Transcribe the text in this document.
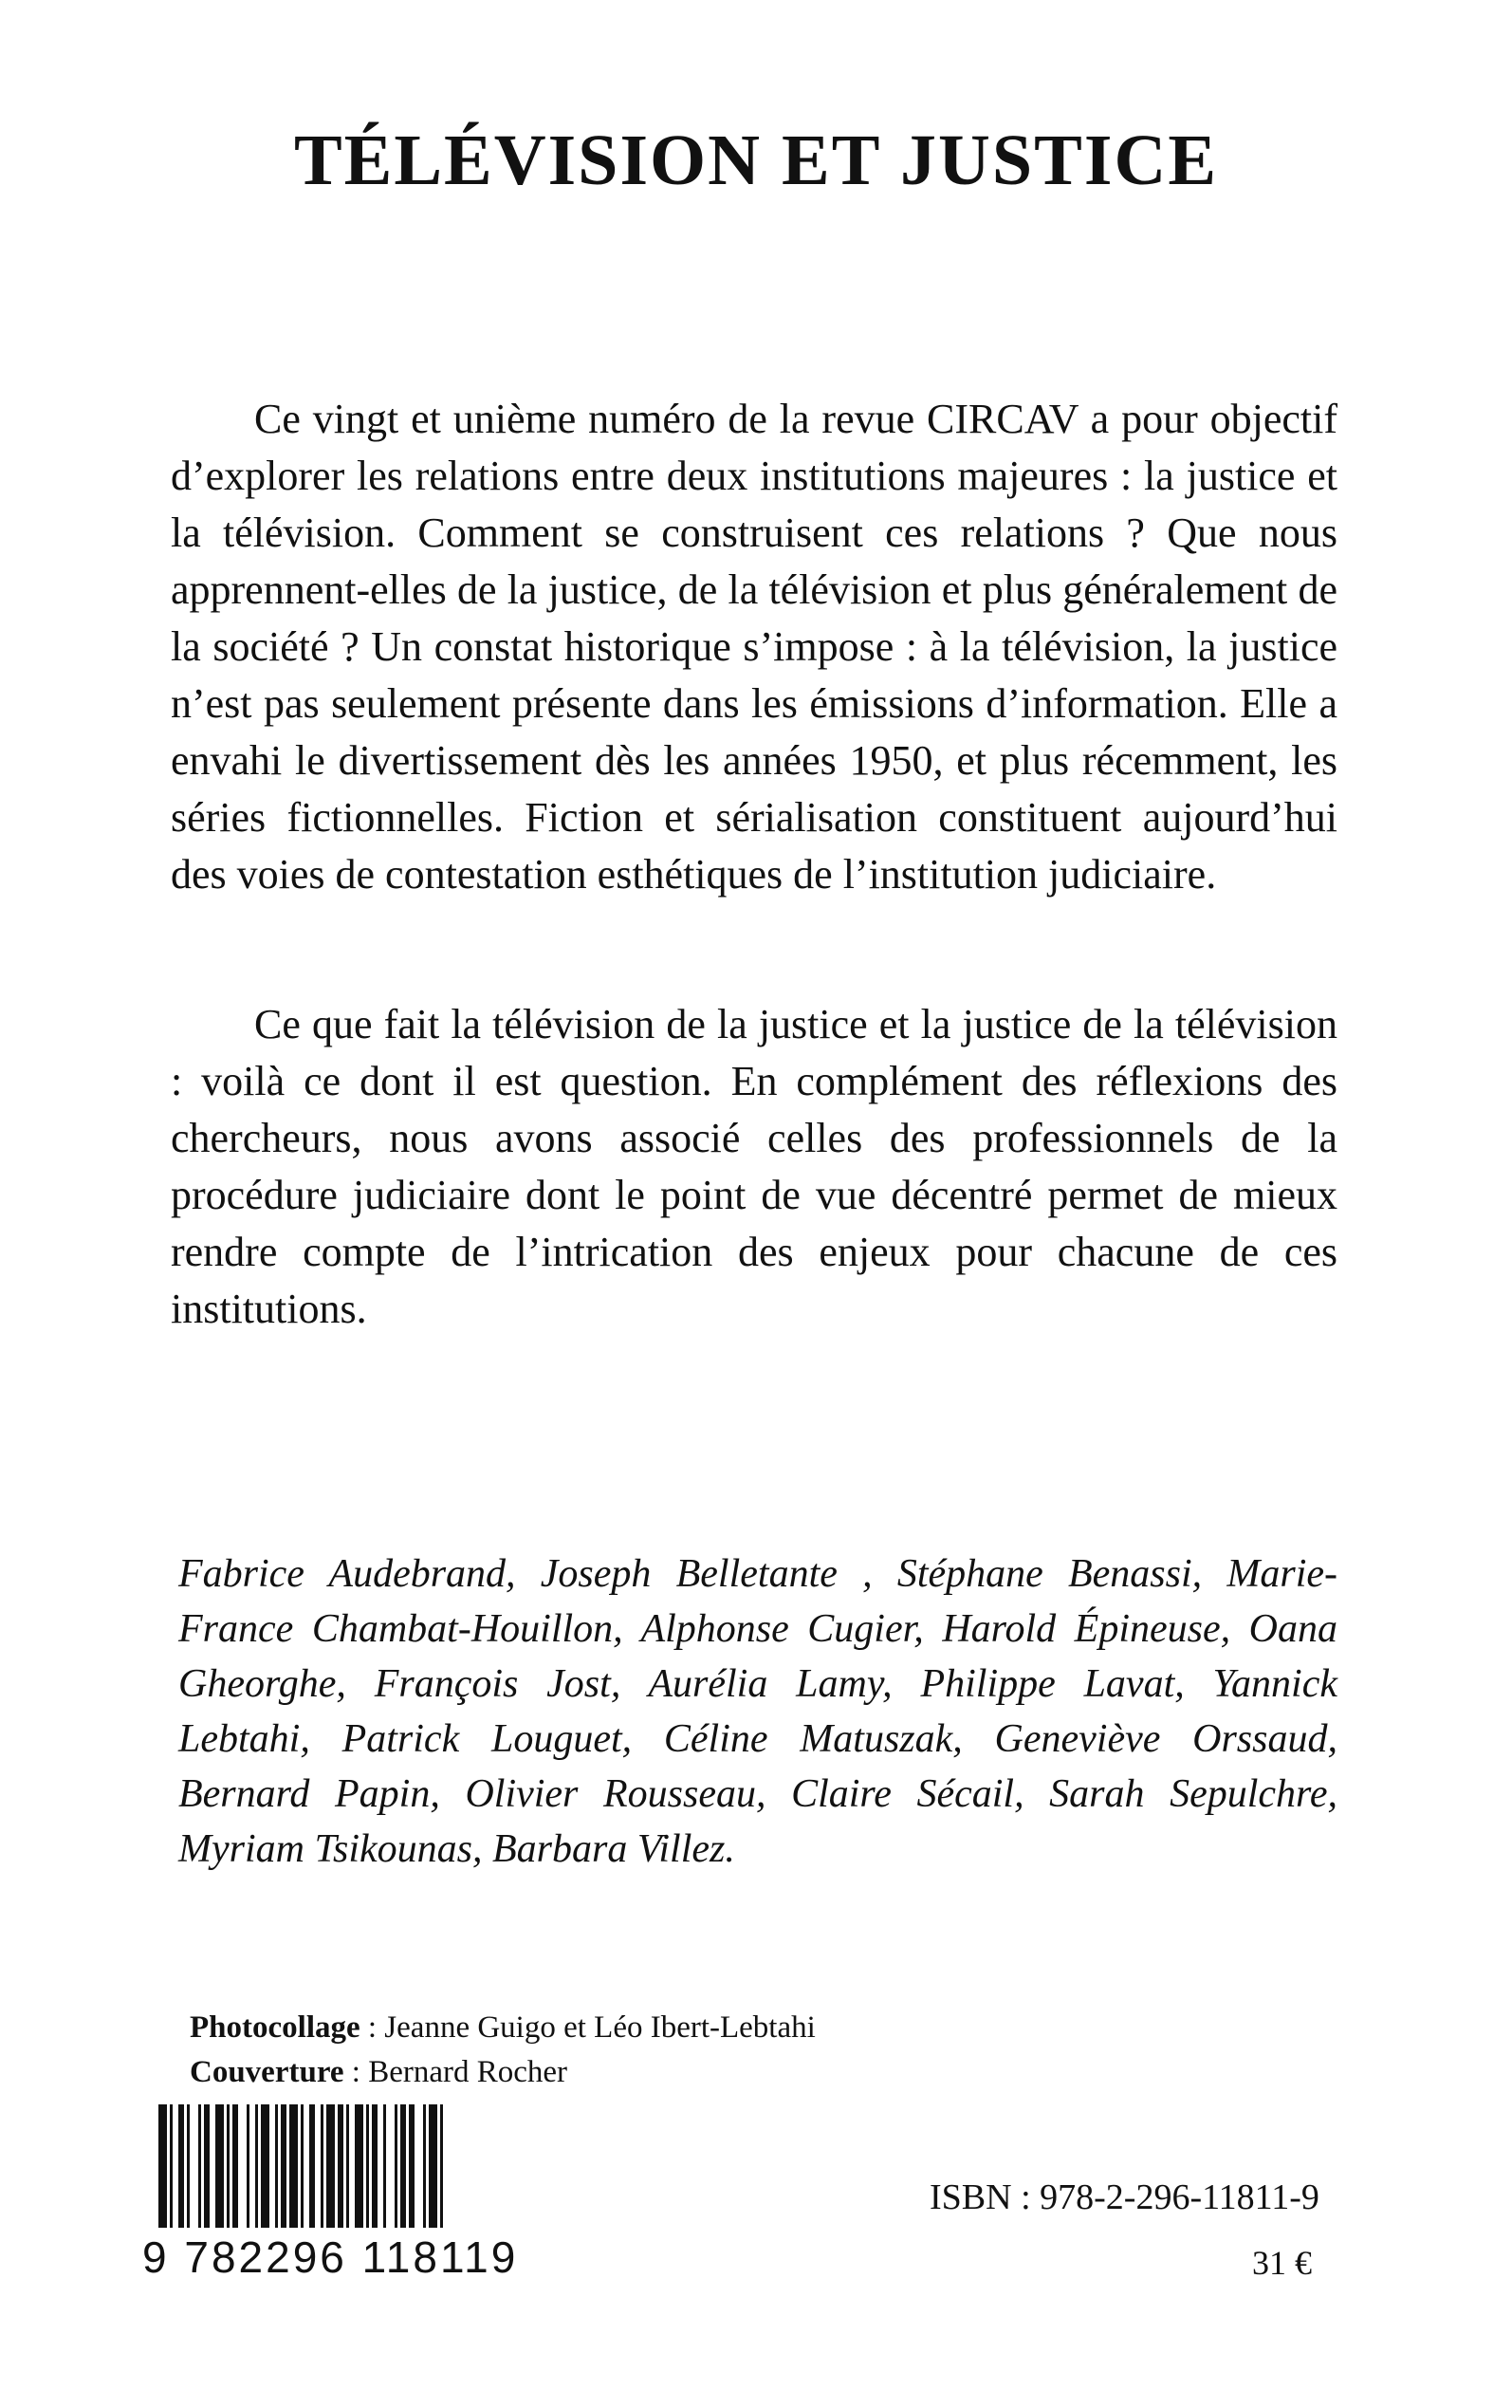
TÉLÉVISION ET JUSTICE

Ce vingt et unième numéro de la revue CIRCAV a pour objectif d’explorer les relations entre deux institutions majeures : la justice et la télévision. Comment se construisent ces relations ? Que nous apprennent-elles de la justice, de la télévision et plus généralement de la société ? Un constat historique s’impose : à la télévision, la justice n’est pas seulement présente dans les émissions d’information. Elle a envahi le divertissement dès les années 1950, et plus récemment, les séries fictionnelles. Fiction et sérialisation constituent aujourd’hui des voies de contestation esthétiques de l’institution judiciaire.

Ce que fait la télévision de la justice et la justice de la télévision : voilà ce dont il est question. En complément des réflexions des chercheurs, nous avons associé celles des professionnels de la procédure judiciaire dont le point de vue décentré permet de mieux rendre compte de l’intrication des enjeux pour chacune de ces institutions.

Fabrice Audebrand, Joseph Belletante , Stéphane Benassi, Marie-France Chambat-Houillon, Alphonse Cugier, Harold Épineuse, Oana Gheorghe, François Jost, Aurélia Lamy, Philippe Lavat, Yannick Lebtahi, Patrick Louguet, Céline Matuszak, Geneviève Orssaud, Bernard Papin, Olivier Rousseau, Claire Sécail, Sarah Sepulchre, Myriam Tsikounas, Barbara Villez.

Photocollage : Jeanne Guigo et Léo Ibert-Lebtahi
Couverture : Bernard Rocher
9 782296 118119
ISBN : 978-2-296-11811-9
31 €
